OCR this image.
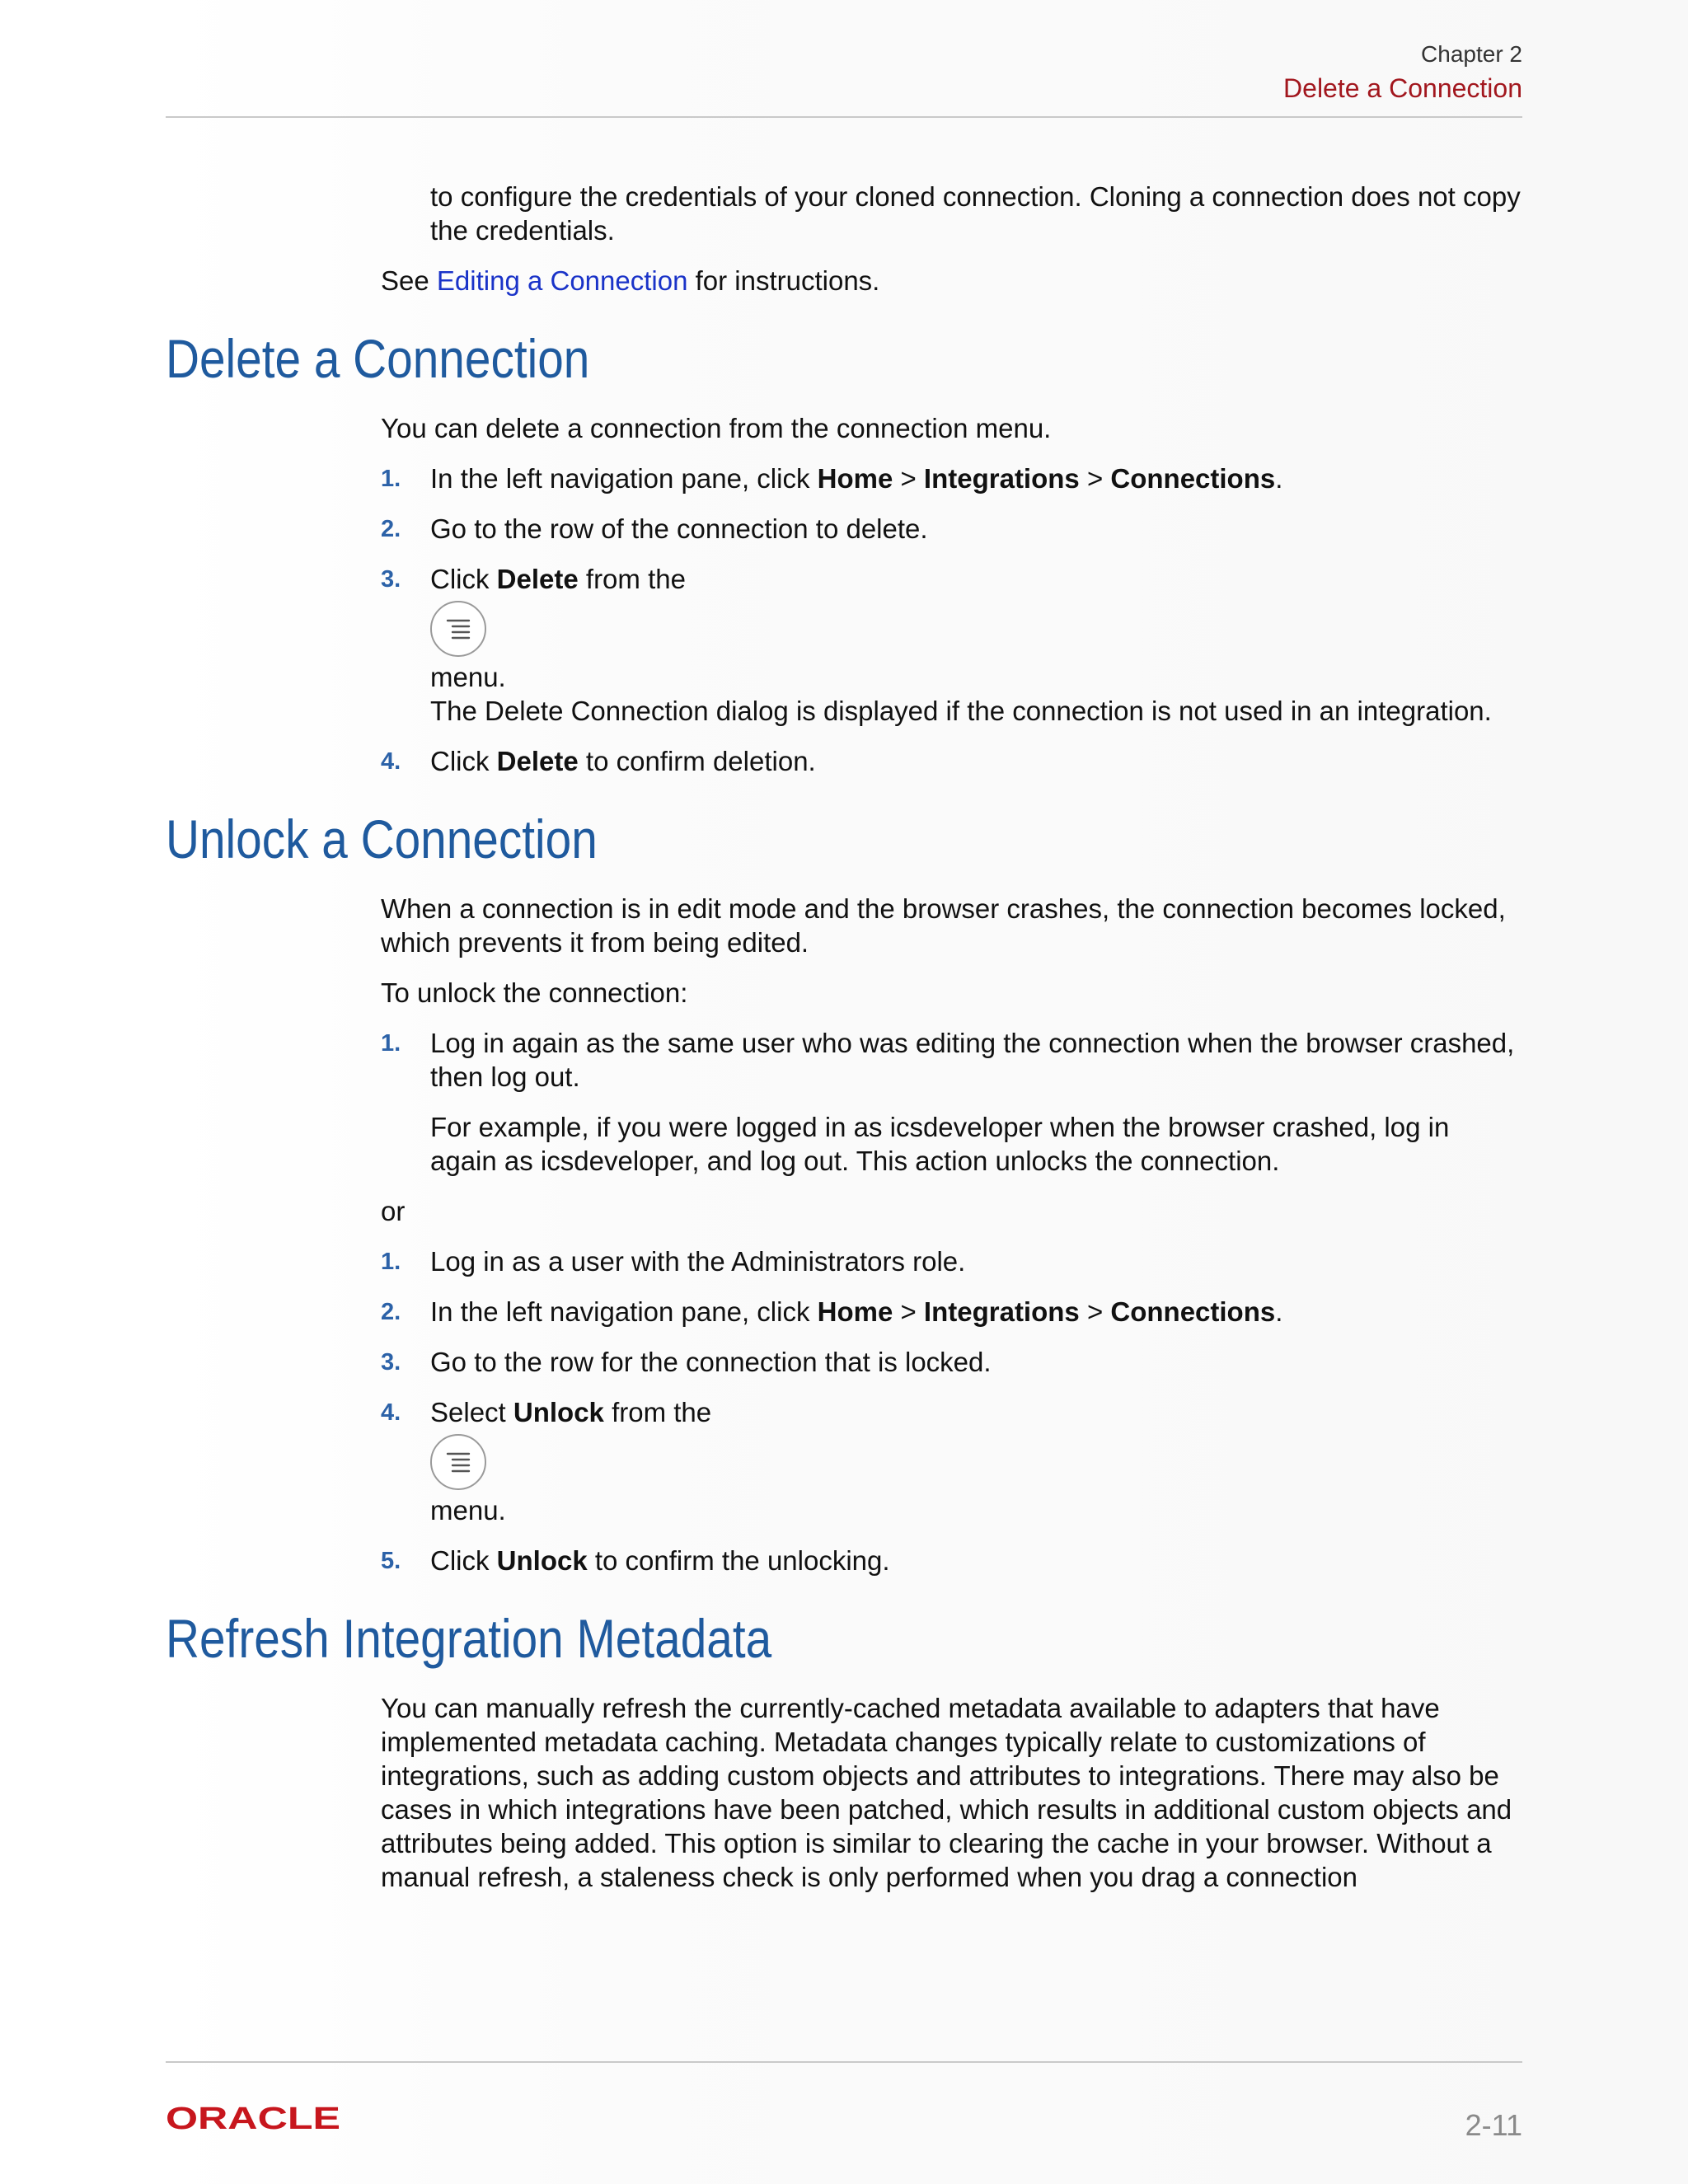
Chapter 2
Delete a Connection

to configure the credentials of your cloned connection. Cloning a connection does not copy the credentials.

See Editing a Connection for instructions.

Delete a Connection

You can delete a connection from the connection menu.

1. In the left navigation pane, click Home > Integrations > Connections.
2. Go to the row of the connection to delete.
3. Click Delete from the

menu.

The Delete Connection dialog is displayed if the connection is not used in an integration.

4. Click Delete to confirm deletion.
Unlock a Connection

When a connection is in edit mode and the browser crashes, the connection becomes locked, which prevents it from being edited.

To unlock the connection:

1. Log in again as the same user who was editing the connection when the browser crashed, then log out.

For example, if you were logged in as icsdeveloper when the browser crashed, log in again as icsdeveloper, and log out. This action unlocks the connection.

or

1. Log in as a user with the Administrators role.
2. In the left navigation pane, click Home > Integrations > Connections.
3. Go to the row for the connection that is locked.
4. Select Unlock from the

menu.
5. Click Unlock to confirm the unlocking.
Refresh Integration Metadata

You can manually refresh the currently-cached metadata available to adapters that have implemented metadata caching. Metadata changes typically relate to customizations of integrations, such as adding custom objects and attributes to integrations. There may also be cases in which integrations have been patched, which results in additional custom objects and attributes being added. This option is similar to clearing the cache in your browser. Without a manual refresh, a staleness check is only performed when you drag a connection

ORACLE	2-11
